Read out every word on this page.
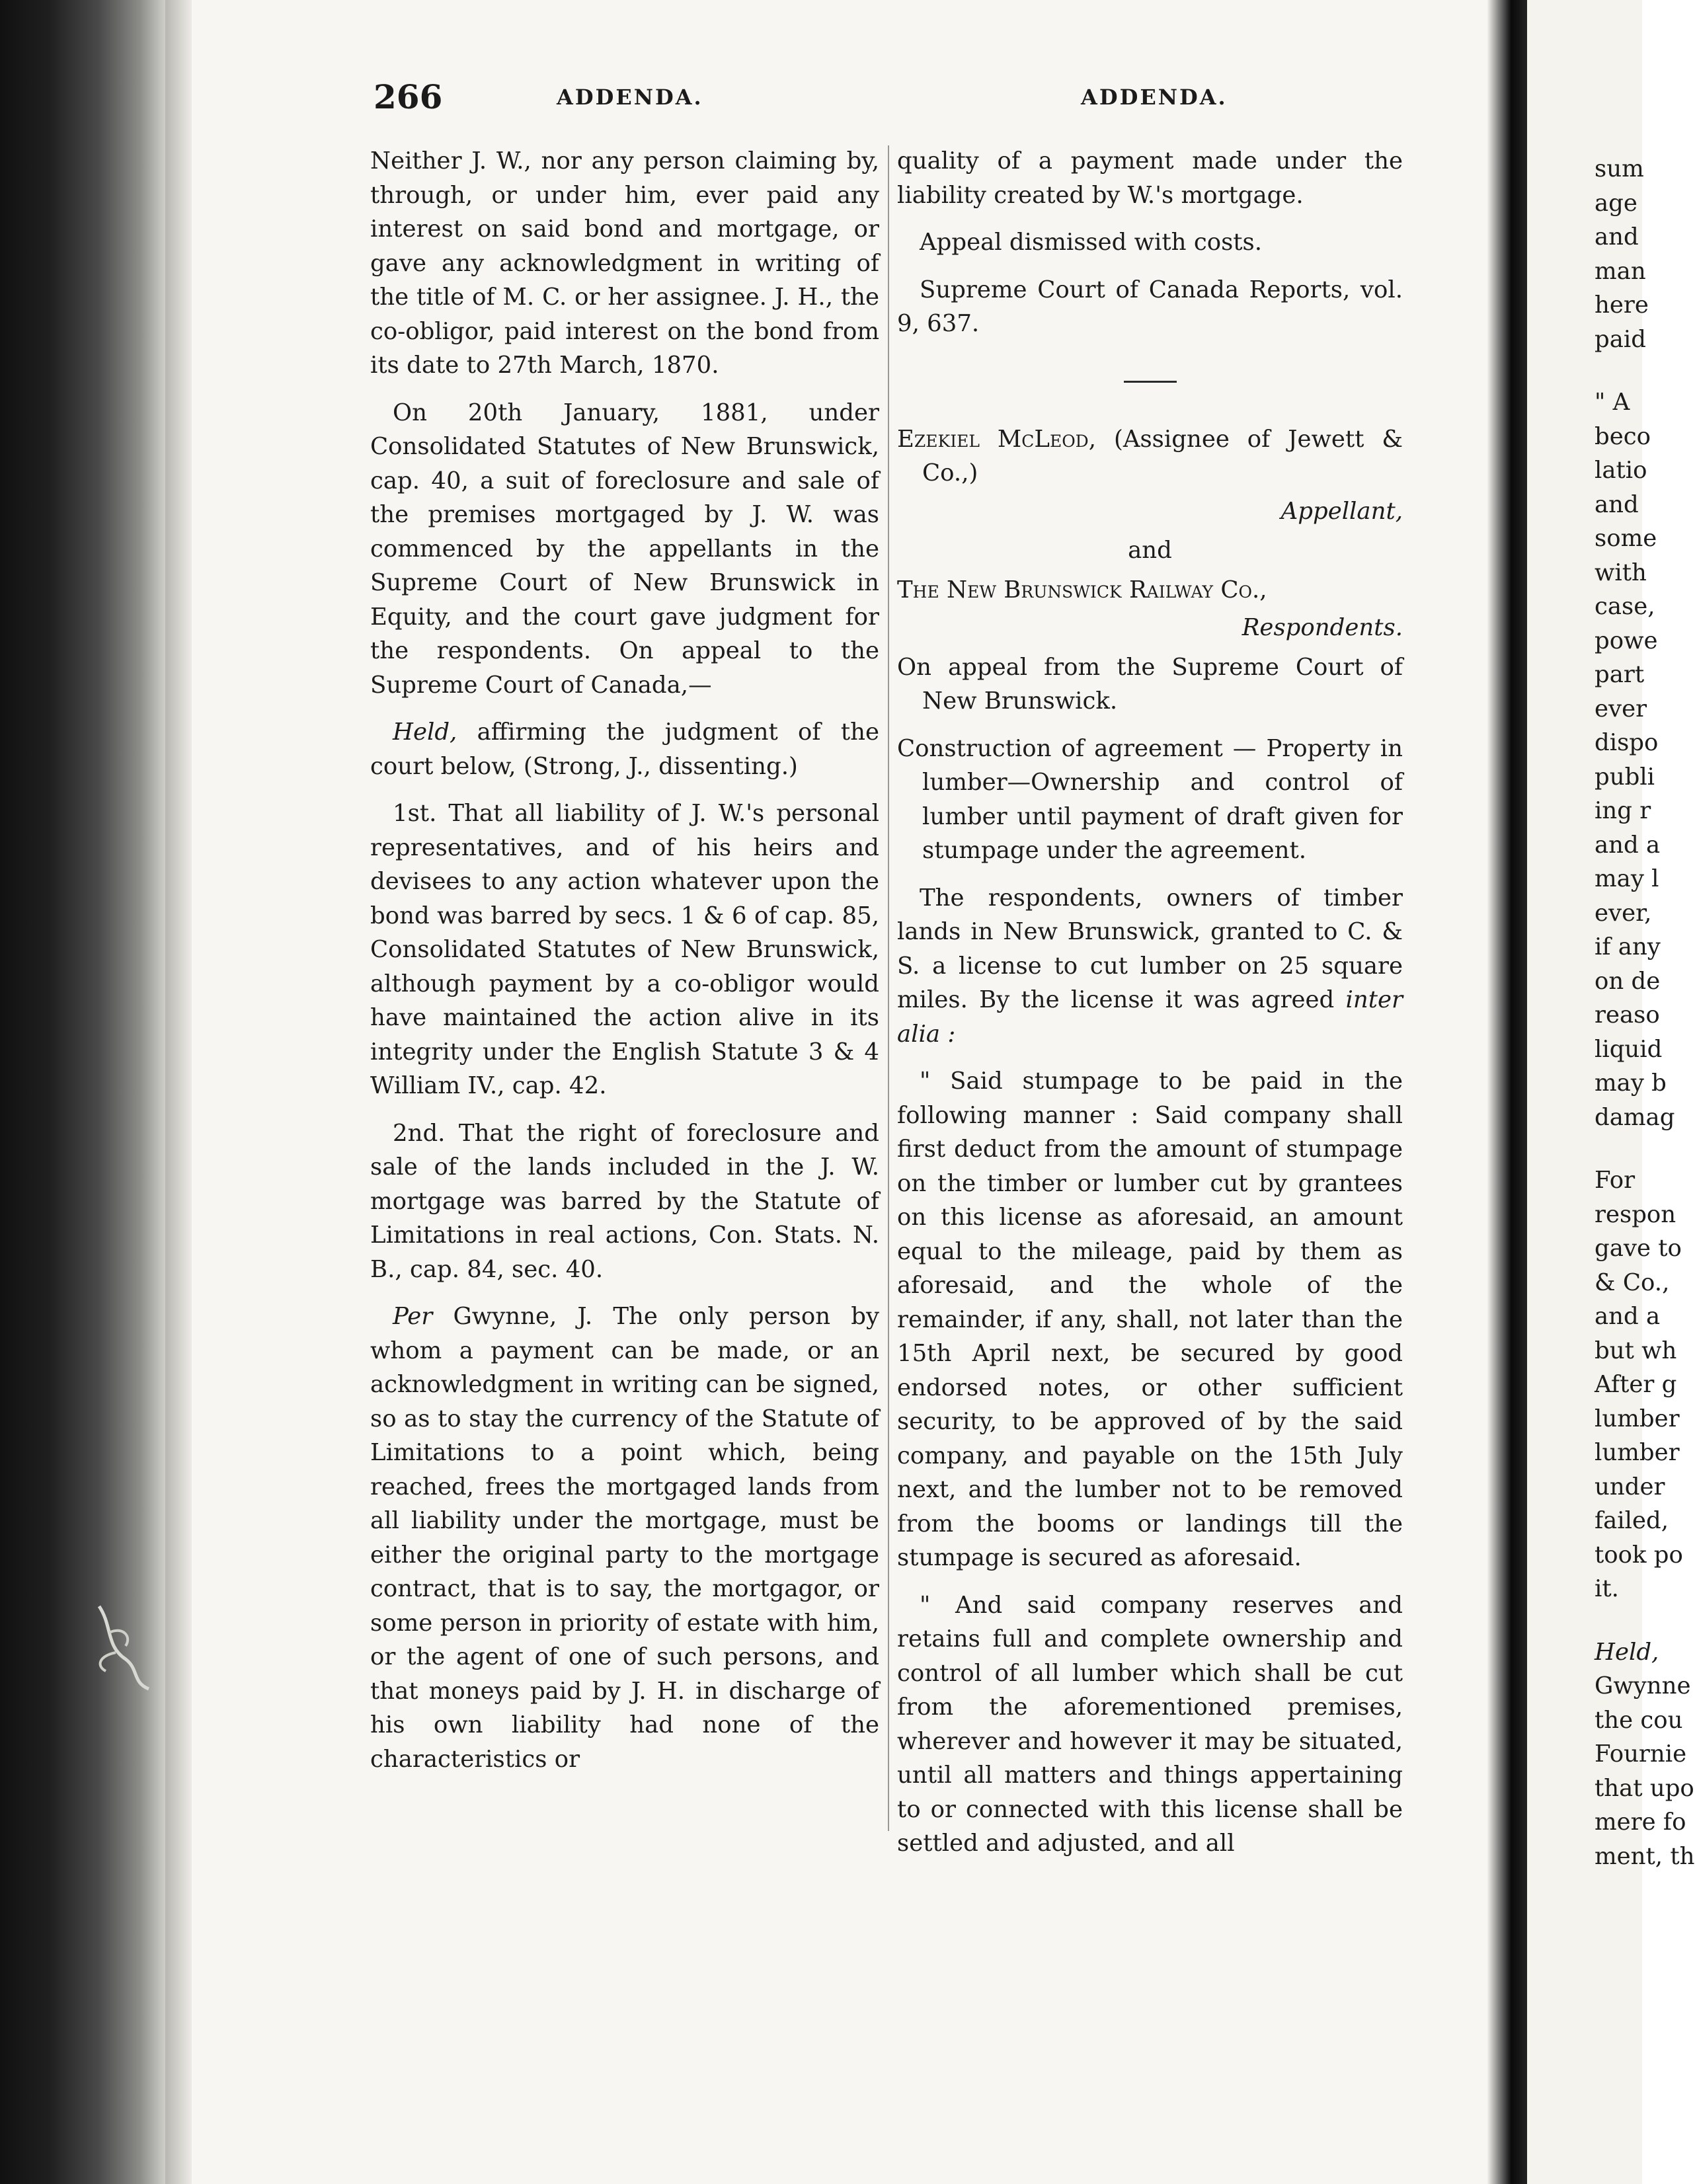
266	ADDENDA.	ADDENDA.

Neither J. W., nor any person claiming by, through, or under him, ever paid any interest on said bond and mortgage, or gave any acknowledgment in writing of the title of M. C. or her assignee. J. H., the co-obligor, paid interest on the bond from its date to 27th March, 1870.

On 20th January, 1881, under Consolidated Statutes of New Brunswick, cap. 40, a suit of foreclosure and sale of the premises mortgaged by J. W. was commenced by the appellants in the Supreme Court of New Brunswick in Equity, and the court gave judgment for the respondents. On appeal to the Supreme Court of Canada,—

Held, affirming the judgment of the court below, (Strong, J., dissenting.)

1st. That all liability of J. W.'s personal representatives, and of his heirs and devisees to any action whatever upon the bond was barred by secs. 1 & 6 of cap. 85, Consolidated Statutes of New Brunswick, although payment by a co-obligor would have maintained the action alive in its integrity under the English Statute 3 & 4 William IV., cap. 42.

2nd. That the right of foreclosure and sale of the lands included in the J. W. mortgage was barred by the Statute of Limitations in real actions, Con. Stats. N. B., cap. 84, sec. 40.

Per Gwynne, J. The only person by whom a payment can be made, or an acknowledgment in writing can be signed, so as to stay the currency of the Statute of Limitations to a point which, being reached, frees the mortgaged lands from all liability under the mortgage, must be either the original party to the mortgage contract, that is to say, the mortgagor, or some person in priority of estate with him, or the agent of one of such persons, and that moneys paid by J. H. in discharge of his own liability had none of the characteristics or

quality of a payment made under the liability created by W.'s mortgage.

Appeal dismissed with costs.

Supreme Court of Canada Reports, vol. 9, 637.

Ezekiel McLeod, (Assignee of Jewett & Co.,)

Appellant,

and

The New Brunswick Railway Co.,

Respondents.

On appeal from the Supreme Court of New Brunswick.

Construction of agreement — Property in lumber—Ownership and control of lumber until payment of draft given for stumpage under the agreement.

The respondents, owners of timber lands in New Brunswick, granted to C. & S. a license to cut lumber on 25 square miles. By the license it was agreed inter alia :

" Said stumpage to be paid in the following manner : Said company shall first deduct from the amount of stumpage on the timber or lumber cut by grantees on this license as aforesaid, an amount equal to the mileage, paid by them as aforesaid, and the whole of the remainder, if any, shall, not later than the 15th April next, be secured by good endorsed notes, or other sufficient security, to be approved of by the said company, and payable on the 15th July next, and the lumber not to be removed from the booms or landings till the stumpage is secured as aforesaid.

" And said company reserves and retains full and complete ownership and control of all lumber which shall be cut from the aforementioned premises, wherever and however it may be situated, until all matters and things appertaining to or connected with this license shall be settled and adjusted, and all

sum
age
and
man
here
paid
" A
beco
latio
and
some
with
case,
powe
part
ever
dispo
publi
ing r
and a
may l
ever,
if any
on de
reaso
liquid
may b
damag
For
respon
gave to
& Co.,
and a
but wh
After g
lumber
lumber
under
failed,
took po
it.
Held,
Gwynne
the cou
Fournie
that upo
mere fo
ment, th
